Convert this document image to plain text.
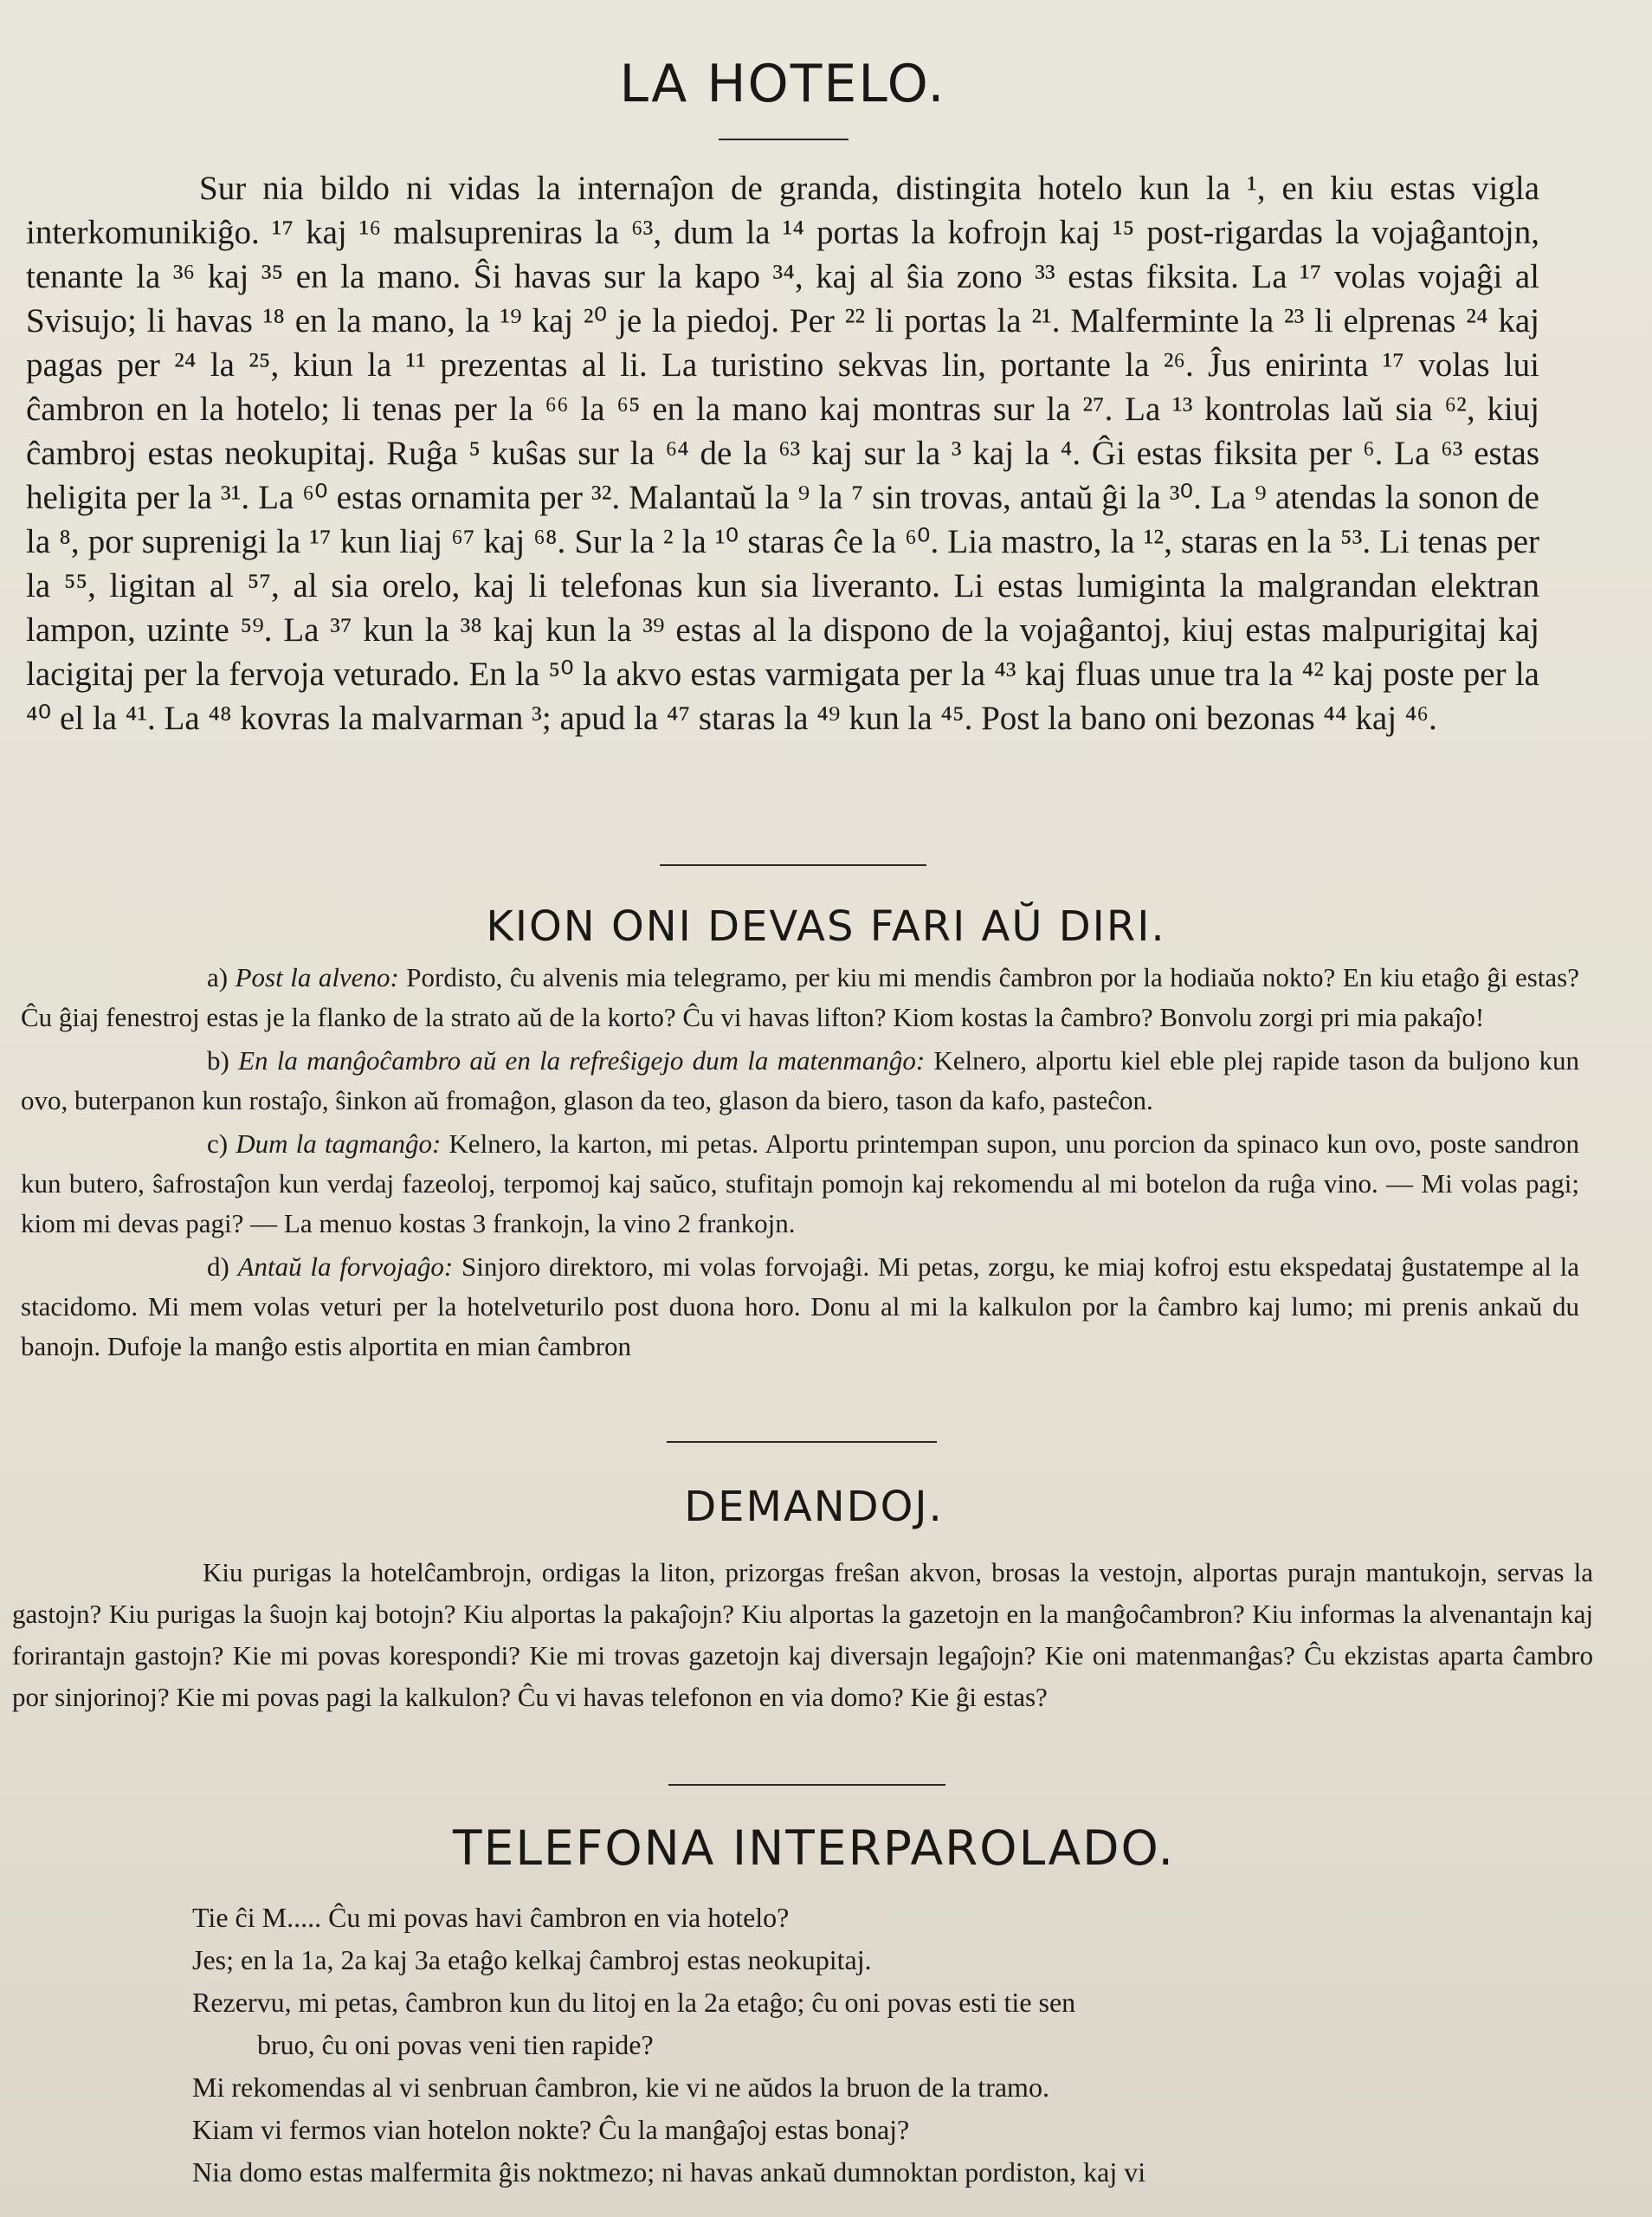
LA HOTELO.

Sur nia bildo ni vidas la internaĵon de granda, distingita hotelo kun la ¹, en kiu estas vigla interkomunikiĝo. ¹⁷ kaj ¹⁶ malsupreniras la ⁶³, dum la ¹⁴ portas la kofrojn kaj ¹⁵ post-rigardas la vojaĝantojn, tenante la ³⁶ kaj ³⁵ en la mano. Ŝi havas sur la kapo ³⁴, kaj al ŝia zono ³³ estas fiksita. La ¹⁷ volas vojaĝi al Svisujo; li havas ¹⁸ en la mano, la ¹⁹ kaj ²⁰ je la piedoj. Per ²² li portas la ²¹. Malferminte la ²³ li elprenas ²⁴ kaj pagas per ²⁴ la ²⁵, kiun la ¹¹ prezentas al li. La turistino sekvas lin, portante la ²⁶. Ĵus enirinta ¹⁷ volas lui ĉambron en la hotelo; li tenas per la ⁶⁶ la ⁶⁵ en la mano kaj montras sur la ²⁷. La ¹³ kontrolas laŭ sia ⁶², kiuj ĉambroj estas neokupitaj. Ruĝa ⁵ kuŝas sur la ⁶⁴ de la ⁶³ kaj sur la ³ kaj la ⁴. Ĝi estas fiksita per ⁶. La ⁶³ estas heligita per la ³¹. La ⁶⁰ estas ornamita per ³². Malantaŭ la ⁹ la ⁷ sin trovas, antaŭ ĝi la ³⁰. La ⁹ atendas la sonon de la ⁸, por suprenigi la ¹⁷ kun liaj ⁶⁷ kaj ⁶⁸. Sur la ² la ¹⁰ staras ĉe la ⁶⁰. Lia mastro, la ¹², staras en la ⁵³. Li tenas per la ⁵⁵, ligitan al ⁵⁷, al sia orelo, kaj li telefonas kun sia liveranto. Li estas lumiginta la malgrandan elektran lampon, uzinte ⁵⁹. La ³⁷ kun la ³⁸ kaj kun la ³⁹ estas al la dispono de la vojaĝantoj, kiuj estas malpurigitaj kaj lacigitaj per la fervoja veturado. En la ⁵⁰ la akvo estas varmigata per la ⁴³ kaj fluas unue tra la ⁴² kaj poste per la ⁴⁰ el la ⁴¹. La ⁴⁸ kovras la malvarman ³; apud la ⁴⁷ staras la ⁴⁹ kun la ⁴⁵. Post la bano oni bezonas ⁴⁴ kaj ⁴⁶.

KION ONI DEVAS FARI AŬ DIRI.

a) Post la alveno: Pordisto, ĉu alvenis mia telegramo, per kiu mi mendis ĉambron por la hodiaŭa nokto? En kiu etaĝo ĝi estas? Ĉu ĝiaj fenestroj estas je la flanko de la strato aŭ de la korto? Ĉu vi havas lifton? Kiom kostas la ĉambro? Bonvolu zorgi pri mia pakaĵo!

b) En la manĝoĉambro aŭ en la refreŝigejo dum la matenmanĝo: Kelnero, alportu kiel eble plej rapide tason da buljono kun ovo, buterpanon kun rostaĵo, ŝinkon aŭ fromaĝon, glason da teo, glason da biero, tason da kafo, pasteĉon.

c) Dum la tagmanĝo: Kelnero, la karton, mi petas. Alportu printempan supon, unu porcion da spinaco kun ovo, poste sandron kun butero, ŝafrostaĵon kun verdaj fazeoloj, terpomoj kaj saŭco, stufitajn pomojn kaj rekomendu al mi botelon da ruĝa vino. — Mi volas pagi; kiom mi devas pagi? — La menuo kostas 3 frankojn, la vino 2 frankojn.

d) Antaŭ la forvojaĝo: Sinjoro direktoro, mi volas forvojaĝi. Mi petas, zorgu, ke miaj kofroj estu ekspedataj ĝustatempe al la stacidomo. Mi mem volas veturi per la hotelveturilo post duona horo. Donu al mi la kalkulon por la ĉambro kaj lumo; mi prenis ankaŭ du banojn. Dufoje la manĝo estis alportita en mian ĉambron

DEMANDOJ.

Kiu purigas la hotelĉambrojn, ordigas la liton, prizorgas freŝan akvon, brosas la vestojn, alportas purajn mantukojn, servas la gastojn? Kiu purigas la ŝuojn kaj botojn? Kiu alportas la pakaĵojn? Kiu alportas la gazetojn en la manĝoĉambron? Kiu informas la alvenantajn kaj forirantajn gastojn? Kie mi povas korespondi? Kie mi trovas gazetojn kaj diversajn legaĵojn? Kie oni matenmanĝas? Ĉu ekzistas aparta ĉambro por sinjorinoj? Kie mi povas pagi la kalkulon? Ĉu vi havas telefonon en via domo? Kie ĝi estas?

TELEFONA INTERPAROLADO.
Tie ĉi M..... Ĉu mi povas havi ĉambron en via hotelo?
Jes; en la 1a, 2a kaj 3a etaĝo kelkaj ĉambroj estas neokupitaj.
Rezervu, mi petas, ĉambron kun du litoj en la 2a etaĝo; ĉu oni povas esti tie sen
bruo, ĉu oni povas veni tien rapide?
Mi rekomendas al vi senbruan ĉambron, kie vi ne aŭdos la bruon de la tramo.
Kiam vi fermos vian hotelon nokte? Ĉu la manĝaĵoj estas bonaj?
Nia domo estas malfermita ĝis noktmezo; ni havas ankaŭ dumnoktan pordiston, kaj vi
